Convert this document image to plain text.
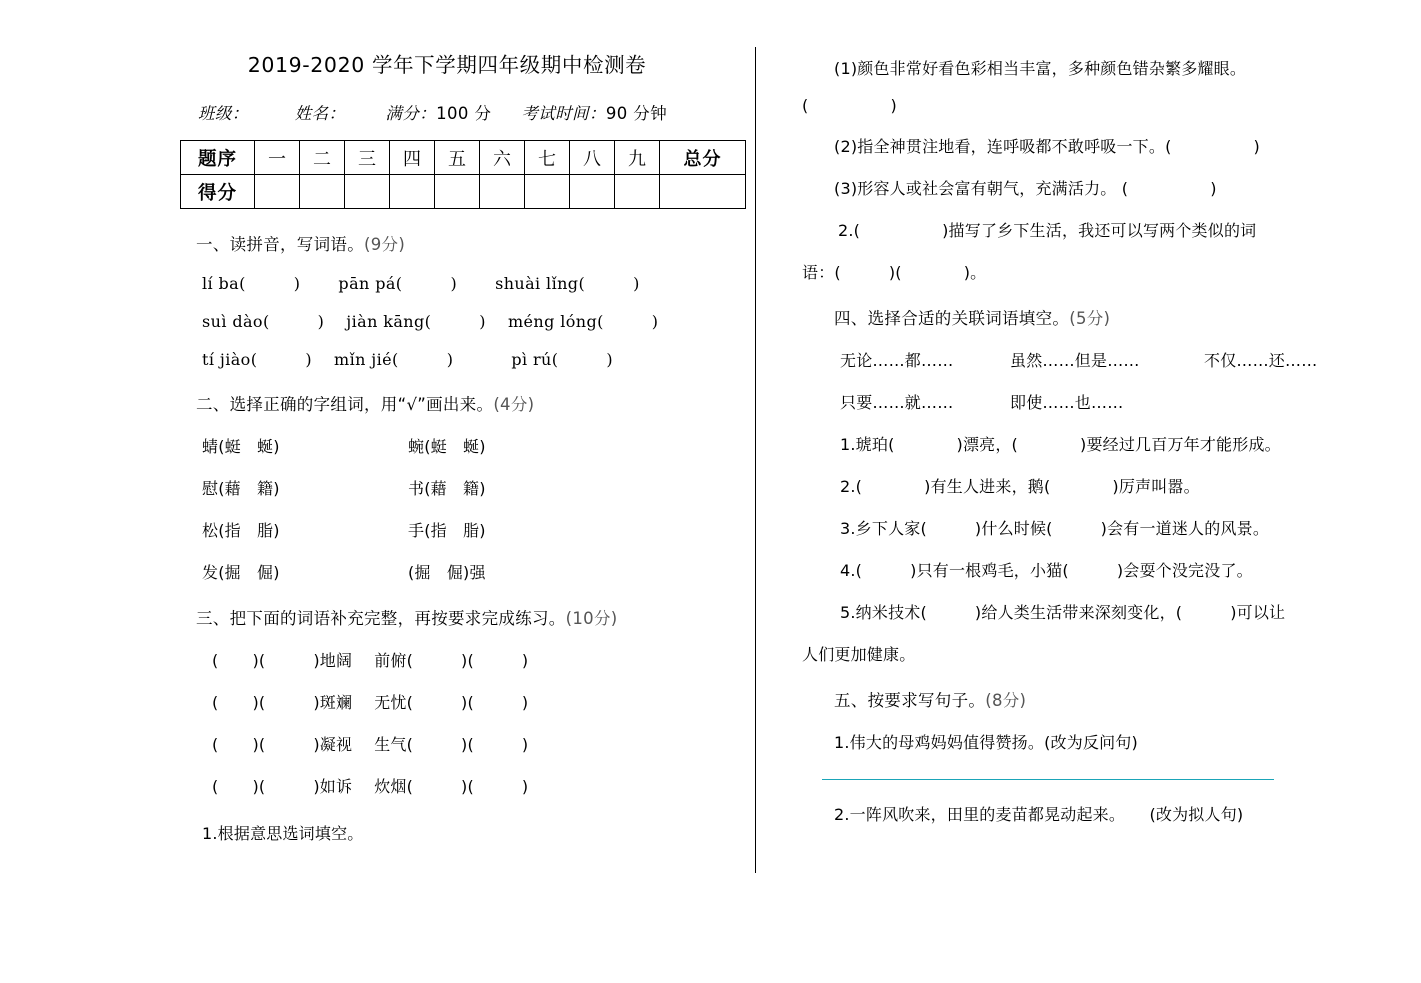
2019-2020 学年下学期四年级期中检测卷
班级：	姓名： 满分：100 分 考试时间：90 分钟
题序	一	二	三	四	五	六	七	八	九	总分
得分										
一、读拼音，写词语。(9分)
lí ba(	) pān pá(	) shuài lǐng(	)
suì dào(	) jiàn kāng(	) méng lóng(	)
tí jiào(	) mǐn jié(	)	pì rú(	)
二、选择正确的字组词，用“√”画出来。(4分)
蜻(蜓　蜒)	蜿(蜓　蜒)
慰(藉　籍)	书(藉　籍)
松(指　脂)	手(指　脂)
发(掘　倔)	(掘　倔)强
三、把下面的词语补充完整，再按要求完成练习。(10分)
( )(	)地阔 前俯(	)(	)
( )(	)斑斓 无忧(	)(	)
( )(	)凝视 生气(	)(	)
( )(	)如诉 炊烟(	)(	)
1.根据意思选词填空。
(1)颜色非常好看色彩相当丰富，多种颜色错杂繁多耀眼。
(	)
(2)指全神贯注地看，连呼吸都不敢呼吸一下。(	)
(3)形容人或社会富有朝气，充满活力。 (	)
2.(	)描写了乡下生活，我还可以写两个类似的词
语：(	)(	)。
四、选择合适的关联词语填空。(5分)
无论……都……	虽然……但是……	不仅……还……
只要……就……	即使……也……
1.琥珀(	)漂亮，(	)要经过几百万年才能形成。
2.(	)有生人进来，鹅(	)厉声叫嚣。
3.乡下人家(	)什么时候(	)会有一道迷人的风景。
4.(	)只有一根鸡毛，小猫(	)会耍个没完没了。
5.纳米技术(	)给人类生活带来深刻变化，(	)可以让
人们更加健康。
五、按要求写句子。(8分)
1.伟大的母鸡妈妈值得赞扬。(改为反问句)
2.一阵风吹来，田里的麦苗都晃动起来。　　(改为拟人句)
